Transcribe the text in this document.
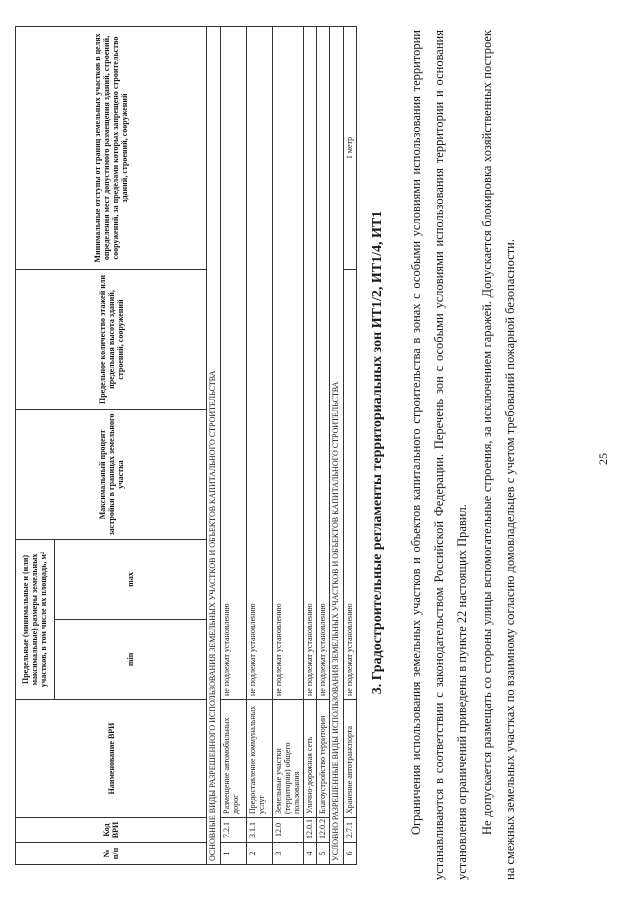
25
Не допускается размещать со стороны улицы вспомогательные строения, за исключением гаражей. Допускается блокировка хозяйственных построек на смежных земельных участках по взаимному согласию домовладельцев с учетом требований пожарной безопасности.
Ограничения использования земельных участков и объектов капитального строительства в зонах с особыми условиями использования территории устанавливаются в соответствии с законодательством Российской Федерации. Перечень зон с особыми условиями использования территории и основания установления ограничений приведены в пункте 22 настоящих Правил.
3. Градостроительные регламенты территориальных зон ИТ1/2, ИТ1/4, ИТ1
№ п/п	Код ВРИ	Наименование ВРИ	Предельные (минимальные и (или) максимальные) размеры земельных участков, в том числе их площадь, м²		Максимальный процент застройки в границах земельного участка	Предельное количество этажей или предельная высота зданий, строений, сооружений	Минимальные отступы от границ земельных участков в целях определения мест допустимого размещения зданий, строений, сооружений, за пределами которых запрещено строительство зданий, строений, сооружений
			min	max			
ОСНОВНЫЕ ВИДЫ РАЗРЕШЕННОГО ИСПОЛЬЗОВАНИЯ ЗЕМЕЛЬНЫХ УЧАСТКОВ И ОБЪЕКТОВ КАПИТАЛЬНОГО СТРОИТЕЛЬСТВА							
1	7.2.1	Размещение автомобильных дорог	не подлежат установлению				
2	3.1.1	Предоставление коммунальных услуг	не подлежат установлению				
3	12.0	Земельные участки (территории) общего пользования	не подлежат установлению				
4	12.0.1	Улично-дорожная сеть	не подлежат установлению				
5	12.0.2	Благоустройство территории	не подлежат установлению				
УСЛОВНО РАЗРЕШЕННЫЕ ВИДЫ ИСПОЛЬЗОВАНИЯ ЗЕМЕЛЬНЫХ УЧАСТКОВ И ОБЪЕКТОВ КАПИТАЛЬНОГО СТРОИТЕЛЬСТВА							
6	2.7.1	Хранение автотранспорта	не подлежат установлению				1 метр
